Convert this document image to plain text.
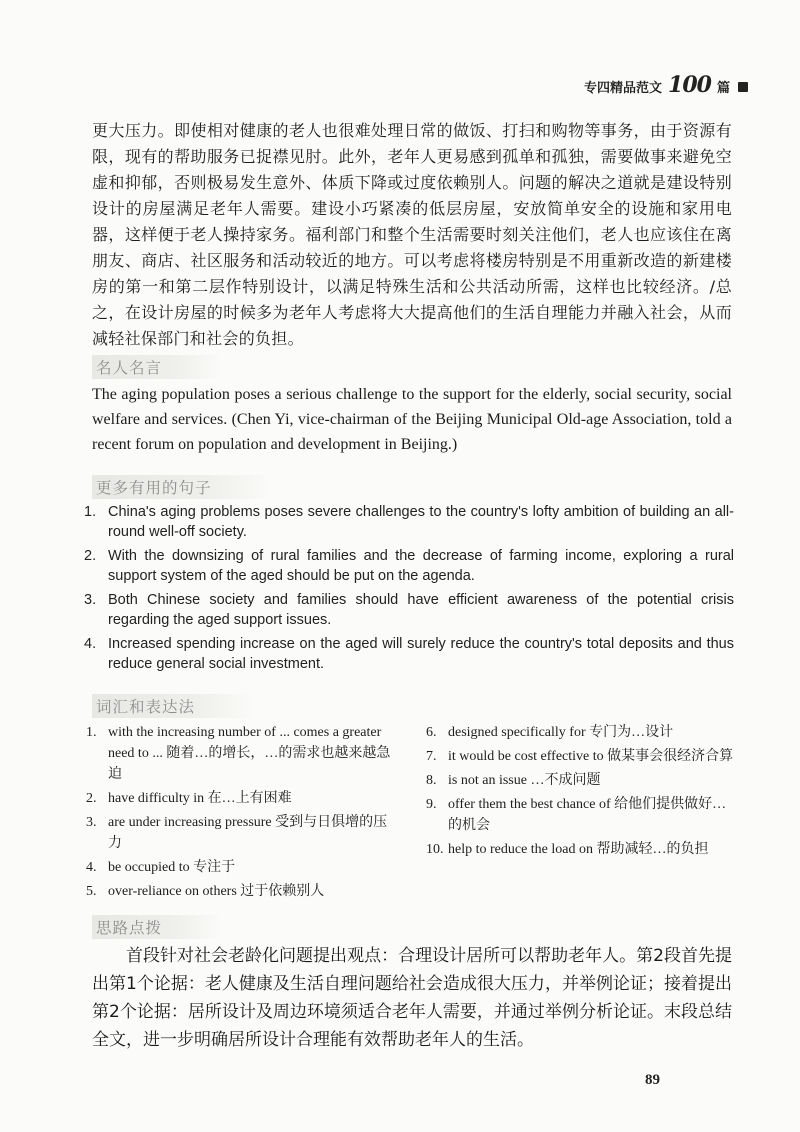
专四精品范文 100 篇
更大压力。即使相对健康的老人也很难处理日常的做饭、打扫和购物等事务，由于资源有限，现有的帮助服务已捉襟见肘。此外，老年人更易感到孤单和孤独，需要做事来避免空虚和抑郁，否则极易发生意外、体质下降或过度依赖别人。问题的解决之道就是建设特别设计的房屋满足老年人需要。建设小巧紧凑的低层房屋，安放简单安全的设施和家用电器，这样便于老人操持家务。福利部门和整个生活需要时刻关注他们，老人也应该住在离朋友、商店、社区服务和活动较近的地方。可以考虑将楼房特别是不用重新改造的新建楼房的第一和第二层作特别设计，以满足特殊生活和公共活动所需，这样也比较经济。/总之，在设计房屋的时候多为老年人考虑将大大提高他们的生活自理能力并融入社会，从而减轻社保部门和社会的负担。
名人名言
The aging population poses a serious challenge to the support for the elderly, social security, social welfare and services. (Chen Yi, vice-chairman of the Beijing Municipal Old-age Association, told a recent forum on population and development in Beijing.)
更多有用的句子
1. China's aging problems poses severe challenges to the country's lofty ambition of building an all-round well-off society.
2. With the downsizing of rural families and the decrease of farming income, exploring a rural support system of the aged should be put on the agenda.
3. Both Chinese society and families should have efficient awareness of the potential crisis regarding the aged support issues.
4. Increased spending increase on the aged will surely reduce the country's total deposits and thus reduce general social investment.
词汇和表达法
1. with the increasing number of ... comes a greater need to ... 随着…的增长，…的需求也越来越急迫
2. have difficulty in 在…上有困难
3. are under increasing pressure 受到与日俱增的压力
4. be occupied to 专注于
5. over-reliance on others 过于依赖别人
6. designed specifically for 专门为…设计
7. it would be cost effective to 做某事会很经济合算
8. is not an issue …不成问题
9. offer them the best chance of 给他们提供做好…的机会
10. help to reduce the load on 帮助减轻…的负担
思路点拨
首段针对社会老龄化问题提出观点：合理设计居所可以帮助老年人。第2段首先提出第1个论据：老人健康及生活自理问题给社会造成很大压力，并举例论证；接着提出第2个论据：居所设计及周边环境须适合老年人需要，并通过举例分析论证。末段总结全文，进一步明确居所设计合理能有效帮助老年人的生活。
89
